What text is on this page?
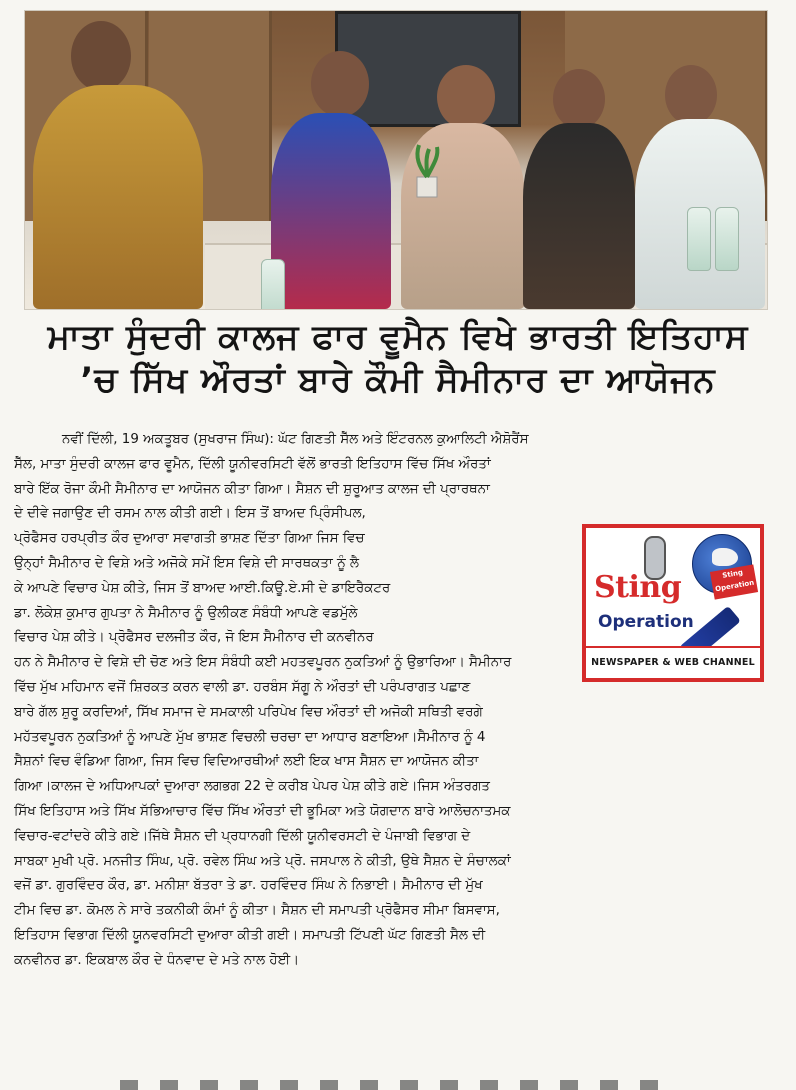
ਮਾਤਾ ਸੁੰਦਰੀ ਕਾਲਜ ਫਾਰ ਵੂਮੈਨ ਵਿਖੇ ਭਾਰਤੀ ਇਤਿਹਾਸ
’ਚ ਸਿੱਖ ਔਰਤਾਂ ਬਾਰੇ ਕੌਮੀ ਸੈਮੀਨਾਰ ਦਾ ਆਯੋਜਨ
ਨਵੀਂ ਦਿੱਲੀ, 19 ਅਕਤੂਬਰ (ਸੁਖਰਾਜ ਸਿੰਘ): ਘੱਟ ਗਿਣਤੀ ਸੈੱਲ ਅਤੇ ਇੰਟਰਨਲ ਕੁਆਲਿਟੀ ਐਸ਼ੋਰੈਂਸ
ਸੈੱਲ, ਮਾਤਾ ਸੁੰਦਰੀ ਕਾਲਜ ਫਾਰ ਵੂਮੈਨ, ਦਿੱਲੀ ਯੂਨੀਵਰਸਿਟੀ ਵੱਲੋਂ ਭਾਰਤੀ ਇਤਿਹਾਸ ਵਿੱਚ ਸਿੱਖ ਔਰਤਾਂ
ਬਾਰੇ ਇੱਕ ਰੋਜਾ ਕੌਮੀ ਸੈਮੀਨਾਰ ਦਾ ਆਯੋਜਨ ਕੀਤਾ ਗਿਆ। ਸੈਸ਼ਨ ਦੀ ਸ਼ੁਰੂਆਤ ਕਾਲਜ ਦੀ ਪ੍ਰਾਰਥਨਾ
ਦੇ ਦੀਵੇ ਜਗਾਉਣ ਦੀ ਰਸਮ ਨਾਲ ਕੀਤੀ ਗਈ। ਇਸ ਤੋਂ ਬਾਅਦ ਪ੍ਰਿੰਸੀਪਲ,
ਪ੍ਰੋਫੈਸਰ ਹਰਪ੍ਰੀਤ ਕੌਰ ਦੁਆਰਾ ਸਵਾਗਤੀ ਭਾਸ਼ਣ ਦਿੱਤਾ ਗਿਆ ਜਿਸ ਵਿਚ
ਉਨ੍ਹਾਂ ਸੈਮੀਨਾਰ ਦੇ ਵਿਸ਼ੇ ਅਤੇ ਅਜੋਕੇ ਸਮੇਂ ਇਸ ਵਿਸ਼ੇ ਦੀ ਸਾਰਥਕਤਾ ਨੂੰ ਲੈ
ਕੇ ਆਪਣੇ ਵਿਚਾਰ ਪੇਸ਼ ਕੀਤੇ, ਜਿਸ ਤੋਂ ਬਾਅਦ ਆਈ.ਕਿਊ.ਏ.ਸੀ ਦੇ ਡਾਇਰੈਕਟਰ
ਡਾ. ਲੋਕੇਸ਼ ਕੁਮਾਰ ਗੁਪਤਾ ਨੇ ਸੈਮੀਨਾਰ ਨੂੰ ਉਲੀਕਣ ਸੰਬੰਧੀ ਆਪਣੇ ਵਡਮੁੱਲੇ
ਵਿਚਾਰ ਪੇਸ਼ ਕੀਤੇ। ਪ੍ਰੋਫੈਸਰ ਦਲਜੀਤ ਕੌਰ, ਜੋ ਇਸ ਸੈਮੀਨਾਰ ਦੀ ਕਨਵੀਨਰ
ਹਨ ਨੇ ਸੈਮੀਨਾਰ ਦੇ ਵਿਸ਼ੇ ਦੀ ਚੋਣ ਅਤੇ ਇਸ ਸੰਬੰਧੀ ਕਈ ਮਹਤਵਪੂਰਨ ਨੁਕਤਿਆਂ ਨੂੰ ਉਭਾਰਿਆ। ਸੈਮੀਨਾਰ
ਵਿੱਚ ਮੁੱਖ ਮਹਿਮਾਨ ਵਜੋਂ ਸ਼ਿਰਕਤ ਕਰਨ ਵਾਲੀ ਡਾ. ਹਰਬੰਸ ਸੱਗੂ ਨੇ ਔਰਤਾਂ ਦੀ ਪਰੰਪਰਾਗਤ ਪਛਾਣ
ਬਾਰੇ ਗੱਲ ਸ਼ੁਰੂ ਕਰਦਿਆਂ, ਸਿੱਖ ਸਮਾਜ ਦੇ ਸਮਕਾਲੀ ਪਰਿਪੇਖ ਵਿਚ ਔਰਤਾਂ ਦੀ ਅਜੋਕੀ ਸਥਿਤੀ ਵਰਗੇ
ਮਹੱਤਵਪੂਰਨ ਨੁਕਤਿਆਂ ਨੂੰ ਆਪਣੇ ਮੁੱਖ ਭਾਸ਼ਣ ਵਿਚਲੀ ਚਰਚਾ ਦਾ ਆਧਾਰ ਬਣਾਇਆ।ਸੈਮੀਨਾਰ ਨੂੰ 4
ਸੈਸ਼ਨਾਂ ਵਿਚ ਵੰਡਿਆ ਗਿਆ, ਜਿਸ ਵਿਚ ਵਿਦਿਆਰਥੀਆਂ ਲਈ ਇਕ ਖਾਸ ਸੈਸ਼ਨ ਦਾ ਆਯੋਜਨ ਕੀਤਾ
ਗਿਆ।ਕਾਲਜ ਦੇ ਅਧਿਆਪਕਾਂ ਦੁਆਰਾ ਲਗਭਗ 22 ਦੇ ਕਰੀਬ ਪੇਪਰ ਪੇਸ਼ ਕੀਤੇ ਗਏ।ਜਿਸ ਅੰਤਰਗਤ
ਸਿੱਖ ਇਤਿਹਾਸ ਅਤੇ ਸਿੱਖ ਸੱਭਿਆਚਾਰ ਵਿੱਚ ਸਿੱਖ ਔਰਤਾਂ ਦੀ ਭੂਮਿਕਾ ਅਤੇ ਯੋਗਦਾਨ ਬਾਰੇ ਆਲੋਚਨਾਤਮਕ
ਵਿਚਾਰ-ਵਟਾਂਦਰੇ ਕੀਤੇ ਗਏ।ਜਿੱਥੇ ਸੈਸ਼ਨ ਦੀ ਪ੍ਰਧਾਨਗੀ ਦਿੱਲੀ ਯੂਨੀਵਰਸਟੀ ਦੇ ਪੰਜਾਬੀ ਵਿਭਾਗ ਦੇ
ਸਾਬਕਾ ਮੁਖੀ ਪ੍ਰੋ. ਮਨਜੀਤ ਸਿੰਘ, ਪ੍ਰੋ. ਰਵੇਲ ਸਿੰਘ ਅਤੇ ਪ੍ਰੋ. ਜਸਪਾਲ ਨੇ ਕੀਤੀ, ਉਥੇ ਸੈਸ਼ਨ ਦੇ ਸੰਚਾਲਕਾਂ
ਵਜੋਂ ਡਾ. ਗੁਰਵਿੰਦਰ ਕੌਰ, ਡਾ. ਮਨੀਸ਼ਾ ਬੱਤਰਾ ਤੇ ਡਾ. ਹਰਵਿੰਦਰ ਸਿੰਘ ਨੇ ਨਿਭਾਈ। ਸੈਮੀਨਾਰ ਦੀ ਮੁੱਖ
ਟੀਮ ਵਿਚ ਡਾ. ਕੋਮਲ ਨੇ ਸਾਰੇ ਤਕਨੀਕੀ ਕੰਮਾਂ ਨੂੰ ਕੀਤਾ। ਸੈਸ਼ਨ ਦੀ ਸਮਾਪਤੀ ਪ੍ਰੋਫੈਸਰ ਸੀਮਾ ਬਿਸਵਾਸ,
ਇਤਿਹਾਸ ਵਿਭਾਗ ਦਿੱਲੀ ਯੂਨਵਰਸਿਟੀ ਦੁਆਰਾ ਕੀਤੀ ਗਈ। ਸਮਾਪਤੀ ਟਿੱਪਣੀ ਘੱਟ ਗਿਣਤੀ ਸੈਲ ਦੀ
ਕਨਵੀਨਰ ਡਾ. ਇਕਬਾਲ ਕੌਰ ਦੇ ਧੰਨਵਾਦ ਦੇ ਮਤੇ ਨਾਲ ਹੋਈ।
Sting	Sting Operation
Operation
NEWSPAPER & WEB CHANNEL
